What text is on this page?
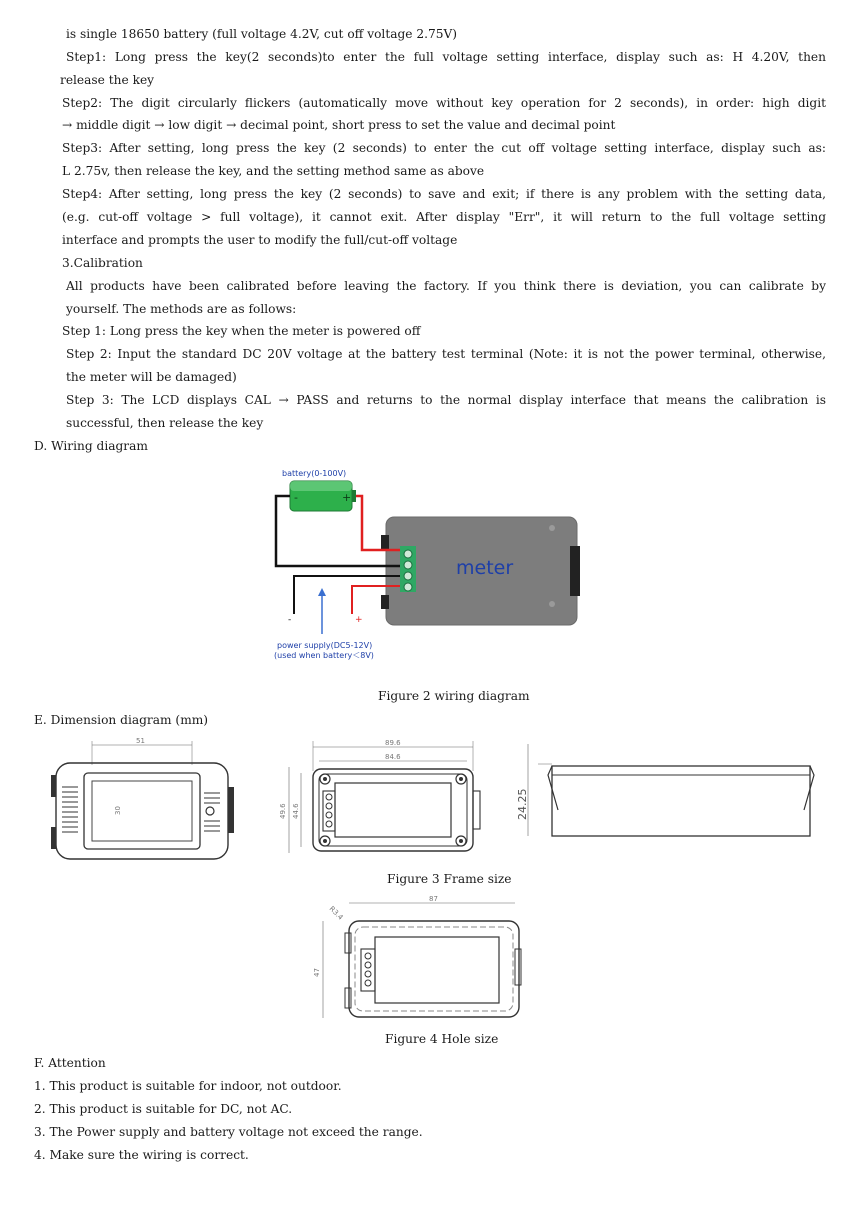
is single 18650 battery (full voltage 4.2V, cut off voltage 2.75V)
Step1: Long press the key(2 seconds)to enter the full voltage setting interface, display such as: H 4.20V, then
release the key
Step2: The digit circularly flickers (automatically move without key operation for 2 seconds), in order: high digit
→ middle digit → low digit → decimal point, short press to set the value and decimal point
Step3: After setting, long press the key (2 seconds) to enter the cut off voltage setting interface, display such as:
L 2.75v, then release the key, and the setting method same as above
Step4: After setting, long press the key (2 seconds) to save and exit; if there is any problem with the setting data,
(e.g. cut-off voltage > full voltage), it cannot exit. After display "Err", it will return to the full voltage setting
interface and prompts the user to modify the full/cut-off voltage
3.Calibration
All products have been calibrated before leaving the factory. If you think there is deviation, you can calibrate by
yourself. The methods are as follows:
Step 1: Long press the key when the meter is powered off
Step 2: Input the standard DC 20V voltage at the battery test terminal (Note: it is not the power terminal, otherwise,
the meter will be damaged)
Step 3: The LCD displays CAL → PASS and returns to the normal display interface that means the calibration is
successful, then release the key
D. Wiring diagram
meter
-	+
battery(0-100V)
-	+
power supply(DC5-12V)
(used when battery＜8V)
Figure 2 wiring diagram
E. Dimension diagram (mm)
51
30
89.6
84.6
49.6 44.6	24.25
Figure 3 Frame size
R3.4
87
47
Figure 4 Hole size
F. Attention
1. This product is suitable for indoor, not outdoor.
2. This product is suitable for DC, not AC.
3. The Power supply and battery voltage not exceed the range.
4. Make sure the wiring is correct.
